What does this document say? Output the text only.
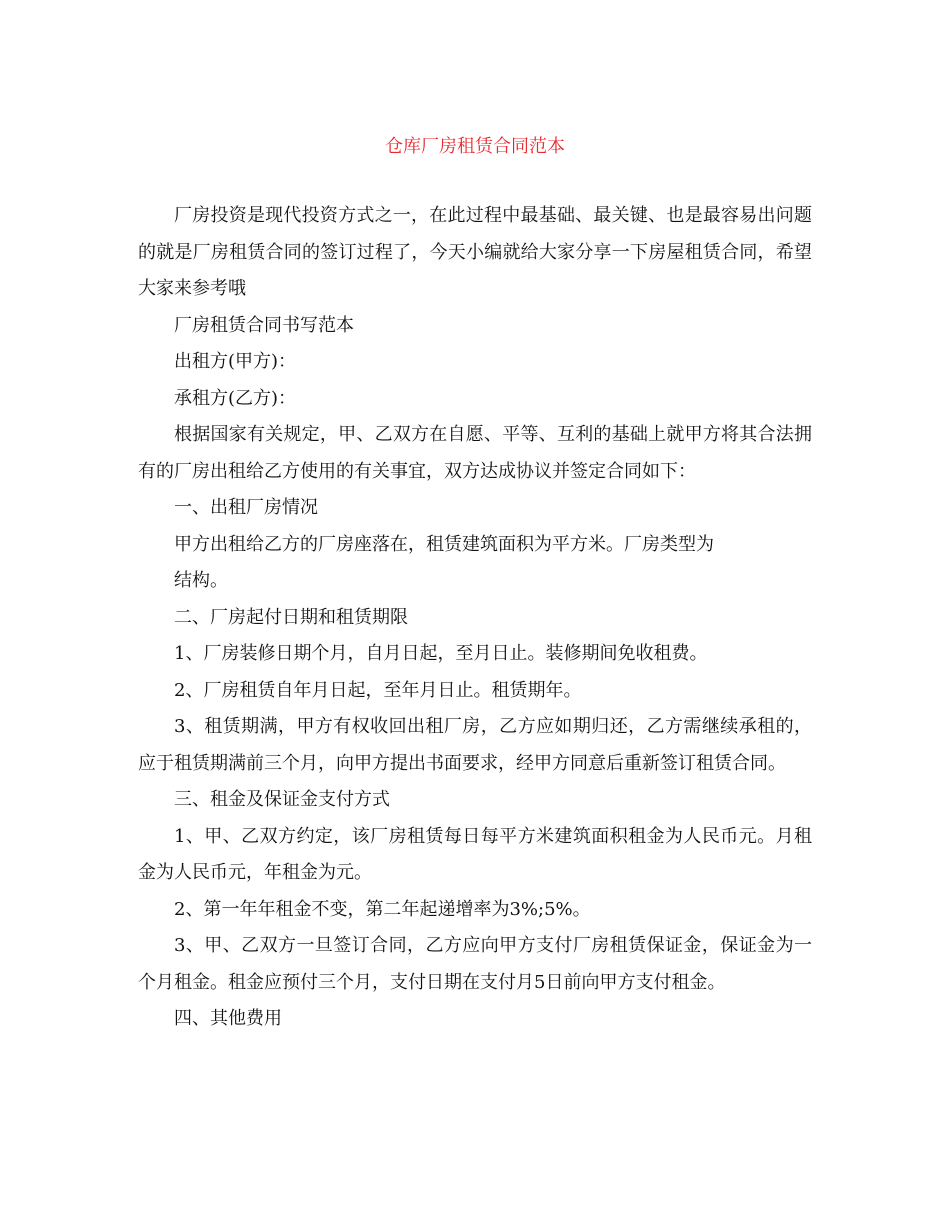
仓库厂房租赁合同范本

厂房投资是现代投资方式之一，在此过程中最基础、最关键、也是最容易出问题的就是厂房租赁合同的签订过程了，今天小编就给大家分享一下房屋租赁合同，希望大家来参考哦

厂房租赁合同书写范本

出租方(甲方)：

承租方(乙方)：

根据国家有关规定，甲、乙双方在自愿、平等、互利的基础上就甲方将其合法拥有的厂房出租给乙方使用的有关事宜，双方达成协议并签定合同如下：

一、出租厂房情况

甲方出租给乙方的厂房座落在，租赁建筑面积为平方米。厂房类型为

结构。

二、厂房起付日期和租赁期限

1、厂房装修日期个月，自月日起，至月日止。装修期间免收租费。

2、厂房租赁自年月日起，至年月日止。租赁期年。

3、租赁期满，甲方有权收回出租厂房，乙方应如期归还，乙方需继续承租的，应于租赁期满前三个月，向甲方提出书面要求，经甲方同意后重新签订租赁合同。

三、租金及保证金支付方式

1、甲、乙双方约定，该厂房租赁每日每平方米建筑面积租金为人民币元。月租金为人民币元，年租金为元。

2、第一年年租金不变，第二年起递增率为3%;5%。

3、甲、乙双方一旦签订合同，乙方应向甲方支付厂房租赁保证金，保证金为一个月租金。租金应预付三个月，支付日期在支付月5日前向甲方支付租金。

四、其他费用
